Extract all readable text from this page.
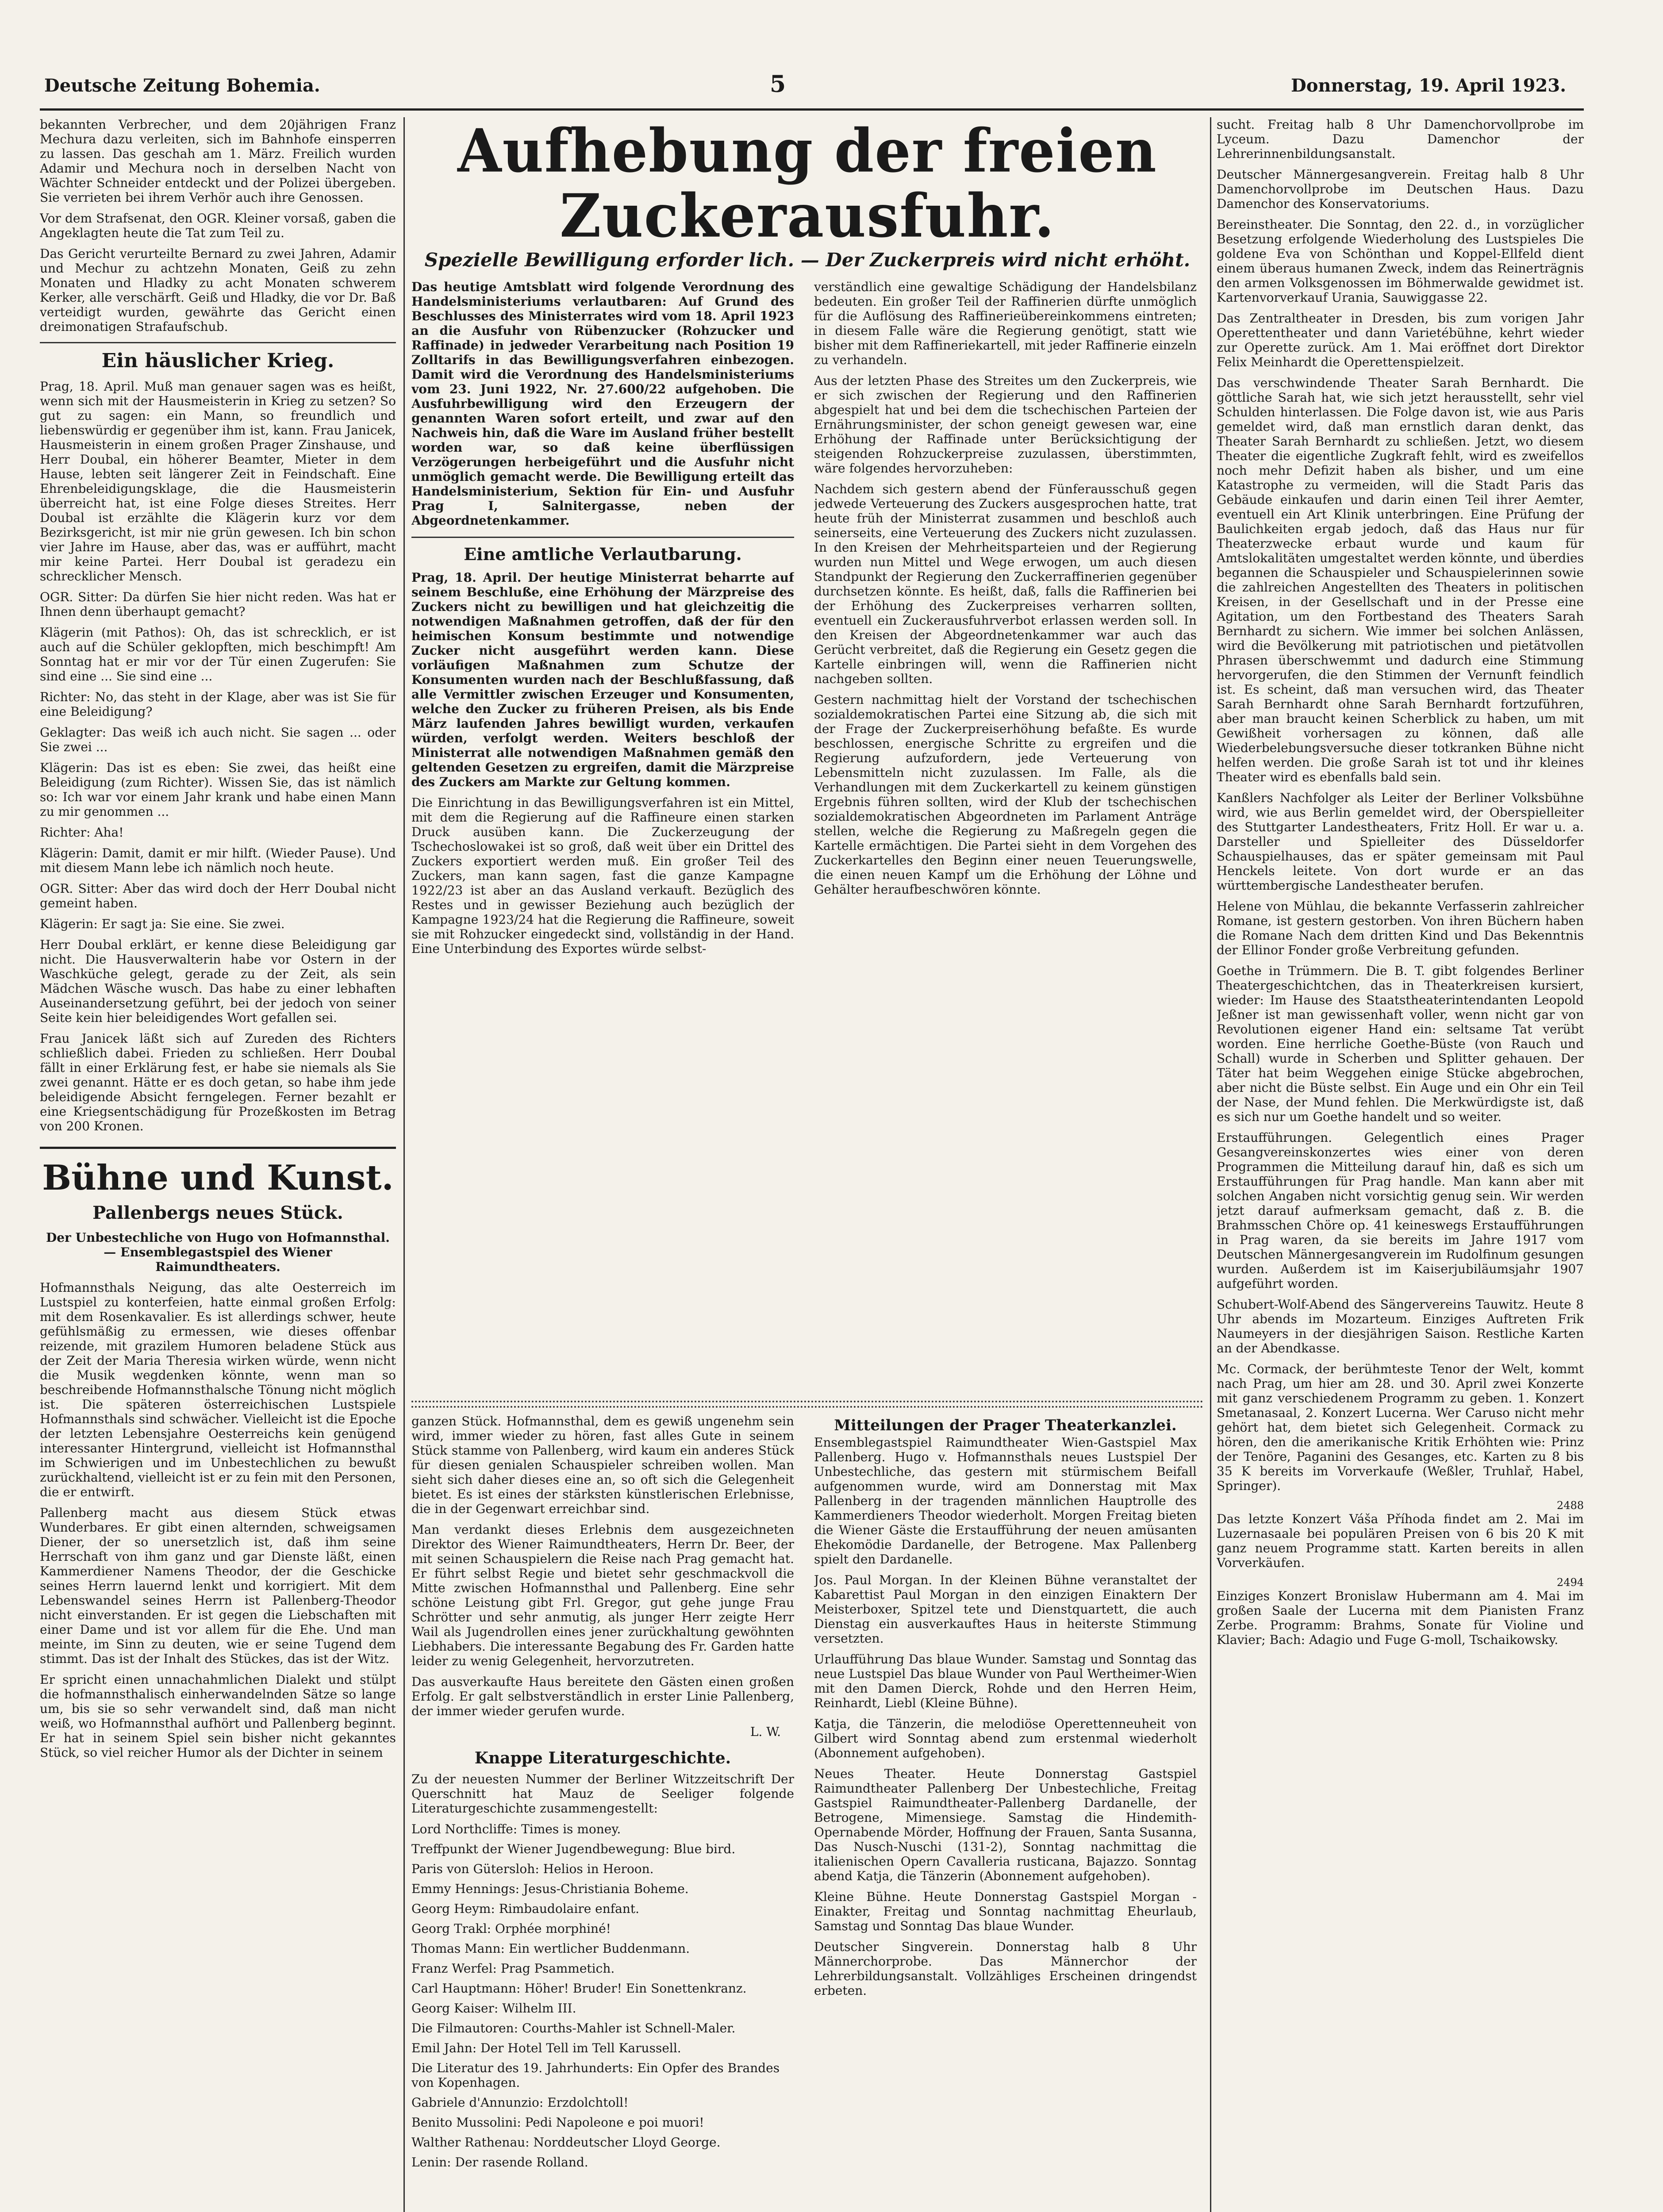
Deutsche Zeitung Bohemia.	5	Donnerstag, 19. April 1923.

bekannten Verbrecher, und dem 20jährigen Franz Mechura dazu verleiten, sich im Bahnhofe einsperren zu lassen. Das geschah am 1. März. Freilich wurden Adamir und Mechura noch in derselben Nacht von Wächter Schneider entdeckt und der Polizei übergeben. Sie verrieten bei ihrem Verhör auch ihre Genossen.

Vor dem Strafsenat, den OGR. Kleiner vorsaß, gaben die Angeklagten heute die Tat zum Teil zu.

Das Gericht verurteilte Bernard zu zwei Jahren, Adamir und Mechur zu achtzehn Monaten, Geiß zu zehn Monaten und Hladky zu acht Monaten schwerem Kerker, alle verschärft. Geiß und Hladky, die vor Dr. Baß verteidigt wurden, gewährte das Gericht einen dreimonatigen Strafaufschub.

Ein häuslicher Krieg.

Prag, 18. April. Muß man genauer sagen was es heißt, wenn sich mit der Hausmeisterin in Krieg zu setzen? So gut zu sagen: ein Mann, so freundlich und liebenswürdig er gegenüber ihm ist, kann. Frau Janicek, Hausmeisterin in einem großen Prager Zinshause, und Herr Doubal, ein höherer Beamter, Mieter in dem Hause, lebten seit längerer Zeit in Feindschaft. Eine Ehrenbeleidigungsklage, die die Hausmeisterin überreicht hat, ist eine Folge dieses Streites. Herr Doubal ist erzählte die Klägerin kurz vor dem Bezirksgericht, ist mir nie grün gewesen. Ich bin schon vier Jahre im Hause, aber das, was er aufführt, macht mir keine Partei. Herr Doubal ist geradezu ein schrecklicher Mensch.

OGR. Sitter: Da dürfen Sie hier nicht reden. Was hat er Ihnen denn überhaupt gemacht?

Klägerin (mit Pathos): Oh, das ist schrecklich, er ist auch auf die Schüler geklopften, mich beschimpft! Am Sonntag hat er mir vor der Tür einen Zugerufen: Sie sind eine ... Sie sind eine ...

Richter: No, das steht in der Klage, aber was ist Sie für eine Beleidigung?

Geklagter: Das weiß ich auch nicht. Sie sagen ... oder Sie zwei ...

Klägerin: Das ist es eben: Sie zwei, das heißt eine Beleidigung (zum Richter). Wissen Sie, das ist nämlich so: Ich war vor einem Jahr krank und habe einen Mann zu mir genommen ...

Richter: Aha!

Klägerin: Damit, damit er mir hilft. (Wieder Pause). Und mit diesem Mann lebe ich nämlich noch heute.

OGR. Sitter: Aber das wird doch der Herr Doubal nicht gemeint haben.

Klägerin: Er sagt ja: Sie eine. Sie zwei.

Herr Doubal erklärt, er kenne diese Beleidigung gar nicht. Die Hausverwalterin habe vor Ostern in der Waschküche gelegt, gerade zu der Zeit, als sein Mädchen Wäsche wusch. Das habe zu einer lebhaften Auseinandersetzung geführt, bei der jedoch von seiner Seite kein hier beleidigendes Wort gefallen sei.

Frau Janicek läßt sich auf Zureden des Richters schließlich dabei. Frieden zu schließen. Herr Doubal fällt in einer Erklärung fest, er habe sie niemals als Sie zwei genannt. Hätte er es doch getan, so habe ihm jede beleidigende Absicht ferngelegen. Ferner bezahlt er eine Kriegsentschädigung für Prozeßkosten im Betrag von 200 Kronen.

Bühne und Kunst.
Pallenbergs neues Stück.

Der Unbestechliche von Hugo von Hofmannsthal. — Ensemblegastspiel des Wiener Raimundtheaters.

Hofmannsthals Neigung, das alte Oesterreich im Lustspiel zu konterfeien, hatte einmal großen Erfolg: mit dem Rosenkavalier. Es ist allerdings schwer, heute gefühlsmäßig zu ermessen, wie dieses offenbar reizende, mit grazilem Humoren beladene Stück aus der Zeit der Maria Theresia wirken würde, wenn nicht die Musik wegdenken könnte, wenn man so beschreibende Hofmannsthalsche Tönung nicht möglich ist. Die späteren österreichischen Lustspiele Hofmannsthals sind schwächer. Vielleicht ist die Epoche der letzten Lebensjahre Oesterreichs kein genügend interessanter Hintergrund, vielleicht ist Hofmannsthal im Schwierigen und im Unbestechlichen zu bewußt zurückhaltend, vielleicht ist er zu fein mit den Personen, die er entwirft.

Pallenberg macht aus diesem Stück etwas Wunderbares. Er gibt einen alternden, schweigsamen Diener, der so unersetzlich ist, daß ihm seine Herrschaft von ihm ganz und gar Dienste läßt, einen Kammerdiener Namens Theodor, der die Geschicke seines Herrn lauernd lenkt und korrigiert. Mit dem Lebenswandel seines Herrn ist Pallenberg-Theodor nicht einverstanden. Er ist gegen die Liebschaften mit einer Dame und ist vor allem für die Ehe. Und man meinte, im Sinn zu deuten, wie er seine Tugend dem stimmt. Das ist der Inhalt des Stückes, das ist der Witz.

Er spricht einen unnachahmlichen Dialekt und stülpt die hofmannsthalisch einherwandelnden Sätze so lange um, bis sie so sehr verwandelt sind, daß man nicht weiß, wo Hofmannsthal aufhört und Pallenberg beginnt. Er hat in seinem Spiel sein bisher nicht gekanntes Stück, so viel reicher Humor als der Dichter in seinem

Aufhebung der freien Zuckerausfuhr.
Spezielle Bewilligung erforder lich. — Der Zuckerpreis wird nicht erhöht.

Das heutige Amtsblatt wird folgende Verordnung des Handelsministeriums verlautbaren: Auf Grund des Beschlusses des Ministerrates wird vom 18. April 1923 an die Ausfuhr von Rübenzucker (Rohzucker und Raffinade) in jedweder Verarbeitung nach Position 19 Zolltarifs in das Bewilligungsverfahren einbezogen. Damit wird die Verordnung des Handelsministeriums vom 23. Juni 1922, Nr. 27.600/22 aufgehoben. Die Ausfuhrbewilligung wird den Erzeugern der genannten Waren sofort erteilt, und zwar auf den Nachweis hin, daß die Ware im Ausland früher bestellt worden war, so daß keine überflüssigen Verzögerungen herbeigeführt und die Ausfuhr nicht unmöglich gemacht werde. Die Bewilligung erteilt das Handelsministerium, Sektion für Ein- und Ausfuhr Prag I, Salnitergasse, neben der Abgeordnetenkammer.

Eine amtliche Verlautbarung.

Prag, 18. April. Der heutige Ministerrat beharrte auf seinem Beschluße, eine Erhöhung der Märzpreise des Zuckers nicht zu bewilligen und hat gleichzeitig die notwendigen Maßnahmen getroffen, daß der für den heimischen Konsum bestimmte und notwendige Zucker nicht ausgeführt werden kann. Diese vorläufigen Maßnahmen zum Schutze der Konsumenten wurden nach der Beschlußfassung, daß alle Vermittler zwischen Erzeuger und Konsumenten, welche den Zucker zu früheren Preisen, als bis Ende März laufenden Jahres bewilligt wurden, verkaufen würden, verfolgt werden. Weiters beschloß der Ministerrat alle notwendigen Maßnahmen gemäß den geltenden Gesetzen zu ergreifen, damit die Märzpreise des Zuckers am Markte zur Geltung kommen.

Die Einrichtung in das Bewilligungsverfahren ist ein Mittel, mit dem die Regierung auf die Raffineure einen starken Druck ausüben kann. Die Zuckerzeugung der Tschechoslowakei ist so groß, daß weit über ein Drittel des Zuckers exportiert werden muß. Ein großer Teil des Zuckers, man kann sagen, fast die ganze Kampagne 1922/23 ist aber an das Ausland verkauft. Bezüglich des Restes und in gewisser Beziehung auch bezüglich der Kampagne 1923/24 hat die Regierung die Raffineure, soweit sie mit Rohzucker eingedeckt sind, vollständig in der Hand. Eine Unterbindung des Exportes würde selbst-

verständlich eine gewaltige Schädigung der Handelsbilanz bedeuten. Ein großer Teil der Raffinerien dürfte unmöglich für die Auflösung des Raffinerieübereinkommens eintreten; in diesem Falle wäre die Regierung genötigt, statt wie bisher mit dem Raffineriekartell, mit jeder Raffinerie einzeln zu verhandeln.

Aus der letzten Phase des Streites um den Zuckerpreis, wie er sich zwischen der Regierung und den Raffinerien abgespielt hat und bei dem die tschechischen Parteien der Ernährungsminister, der schon geneigt gewesen war, eine Erhöhung der Raffinade unter Berücksichtigung der steigenden Rohzuckerpreise zuzulassen, überstimmten, wäre folgendes hervorzuheben:

Nachdem sich gestern abend der Fünferausschuß gegen jedwede Verteuerung des Zuckers ausgesprochen hatte, trat heute früh der Ministerrat zusammen und beschloß auch seinerseits, eine Verteuerung des Zuckers nicht zuzulassen. In den Kreisen der Mehrheitsparteien und der Regierung wurden nun Mittel und Wege erwogen, um auch diesen Standpunkt der Regierung den Zuckerraffinerien gegenüber durchsetzen könnte. Es heißt, daß, falls die Raffinerien bei der Erhöhung des Zuckerpreises verharren sollten, eventuell ein Zuckerausfuhrverbot erlassen werden soll. In den Kreisen der Abgeordnetenkammer war auch das Gerücht verbreitet, daß die Regierung ein Gesetz gegen die Kartelle einbringen will, wenn die Raffinerien nicht nachgeben sollten.

Gestern nachmittag hielt der Vorstand der tschechischen sozialdemokratischen Partei eine Sitzung ab, die sich mit der Frage der Zuckerpreiserhöhung befaßte. Es wurde beschlossen, energische Schritte zu ergreifen und die Regierung aufzufordern, jede Verteuerung von Lebensmitteln nicht zuzulassen. Im Falle, als die Verhandlungen mit dem Zuckerkartell zu keinem günstigen Ergebnis führen sollten, wird der Klub der tschechischen sozialdemokratischen Abgeordneten im Parlament Anträge stellen, welche die Regierung zu Maßregeln gegen die Kartelle ermächtigen. Die Partei sieht in dem Vorgehen des Zuckerkartelles den Beginn einer neuen Teuerungswelle, die einen neuen Kampf um die Erhöhung der Löhne und Gehälter heraufbeschwören könnte.

ganzen Stück. Hofmannsthal, dem es gewiß ungenehm sein wird, immer wieder zu hören, fast alles Gute in seinem Stück stamme von Pallenberg, wird kaum ein anderes Stück für diesen genialen Schauspieler schreiben wollen. Man sieht sich daher dieses eine an, so oft sich die Gelegenheit bietet. Es ist eines der stärksten künstlerischen Erlebnisse, die in der Gegenwart erreichbar sind.

Man verdankt dieses Erlebnis dem ausgezeichneten Direktor des Wiener Raimundtheaters, Herrn Dr. Beer, der mit seinen Schauspielern die Reise nach Prag gemacht hat. Er führt selbst Regie und bietet sehr geschmackvoll die Mitte zwischen Hofmannsthal und Pallenberg. Eine sehr schöne Leistung gibt Frl. Gregor, gut gehe junge Frau Schrötter und sehr anmutig, als junger Herr zeigte Herr Wail als Jugendrollen eines jener zurückhaltung gewöhnten Liebhabers. Die interessante Begabung des Fr. Garden hatte leider zu wenig Gelegenheit, hervorzutreten.

Das ausverkaufte Haus bereitete den Gästen einen großen Erfolg. Er galt selbstverständlich in erster Linie Pallenberg, der immer wieder gerufen wurde.

L. W.
Knappe Literaturgeschichte.

Zu der neuesten Nummer der Berliner Witzzeitschrift Der Querschnitt hat Mauz de Seeliger folgende Literaturgeschichte zusammengestellt:

Lord Northcliffe: Times is money.

Treffpunkt der Wiener Jugendbewegung: Blue bird.

Paris von Gütersloh: Helios in Heroon.

Emmy Hennings: Jesus-Christiania Boheme.

Georg Heym: Rimbaudolaire enfant.

Georg Trakl: Orphée morphiné!

Thomas Mann: Ein wertlicher Buddenmann.

Franz Werfel: Prag Psammetich.

Carl Hauptmann: Höher! Bruder! Ein Sonettenkranz.

Georg Kaiser: Wilhelm III.

Die Filmautoren: Courths-Mahler ist Schnell-Maler.

Emil Jahn: Der Hotel Tell im Tell Karussell.

Die Literatur des 19. Jahrhunderts: Ein Opfer des Brandes von Kopenhagen.

Gabriele d'Annunzio: Erzdolchtoll!

Benito Mussolini: Pedi Napoleone e poi muori!

Walther Rathenau: Norddeutscher Lloyd George.

Lenin: Der rasende Rolland.

Mitteilungen der Prager Theaterkanzlei.

Ensemblegastspiel Raimundtheater Wien-Gastspiel Max Pallenberg. Hugo v. Hofmannsthals neues Lustspiel Der Unbestechliche, das gestern mit stürmischem Beifall aufgenommen wurde, wird am Donnerstag mit Max Pallenberg in der tragenden männlichen Hauptrolle des Kammerdieners Theodor wiederholt. Morgen Freitag bieten die Wiener Gäste die Erstaufführung der neuen amüsanten Ehekomödie Dardanelle, der Betrogene. Max Pallenberg spielt den Dardanelle.

Jos. Paul Morgan. In der Kleinen Bühne veranstaltet der Kabarettist Paul Morgan in den einzigen Einaktern Der Meisterboxer, Spitzel tete und Dienstquartett, die auch Dienstag ein ausverkauftes Haus in heiterste Stimmung versetzten.

Urlaufführung Das blaue Wunder. Samstag und Sonntag das neue Lustspiel Das blaue Wunder von Paul Wertheimer-Wien mit den Damen Dierck, Rohde und den Herren Heim, Reinhardt, Liebl (Kleine Bühne).

Katja, die Tänzerin, die melodiöse Operettenneuheit von Gilbert wird Sonntag abend zum erstenmal wiederholt (Abonnement aufgehoben).

Neues Theater. Heute Donnerstag Gastspiel Raimundtheater Pallenberg Der Unbestechliche, Freitag Gastspiel Raimundtheater-Pallenberg Dardanelle, der Betrogene, Mimensiege. Samstag die Hindemith-Opernabende Mörder, Hoffnung der Frauen, Santa Susanna, Das Nusch-Nuschi (131-2), Sonntag nachmittag die italienischen Opern Cavalleria rusticana, Bajazzo. Sonntag abend Katja, die Tänzerin (Abonnement aufgehoben).

Kleine Bühne. Heute Donnerstag Gastspiel Morgan - Einakter, Freitag und Sonntag nachmittag Eheurlaub, Samstag und Sonntag Das blaue Wunder.

Deutscher Singverein. Donnerstag halb 8 Uhr Männerchorprobe. Das Männerchor der Lehrerbildungsanstalt. Vollzähliges Erscheinen dringendst erbeten.

sucht. Freitag halb 8 Uhr Damenchorvollprobe im Lyceum. Dazu Damenchor der Lehrerinnenbildungsanstalt.

Deutscher Männergesangverein. Freitag halb 8 Uhr Damenchorvollprobe im Deutschen Haus. Dazu Damenchor des Konservatoriums.

Bereinstheater. Die Sonntag, den 22. d., in vorzüglicher Besetzung erfolgende Wiederholung des Lustspieles Die goldene Eva von Schönthan und Koppel-Ellfeld dient einem überaus humanen Zweck, indem das Reinerträgnis den armen Volksgenossen im Böhmerwalde gewidmet ist. Kartenvorverkauf Urania, Sauwiggasse 22.

Das Zentraltheater in Dresden, bis zum vorigen Jahr Operettentheater und dann Varietébühne, kehrt wieder zur Operette zurück. Am 1. Mai eröffnet dort Direktor Felix Meinhardt die Operettenspielzeit.

Das verschwindende Theater Sarah Bernhardt. Die göttliche Sarah hat, wie sich jetzt herausstellt, sehr viel Schulden hinterlassen. Die Folge davon ist, wie aus Paris gemeldet wird, daß man ernstlich daran denkt, das Theater Sarah Bernhardt zu schließen. Jetzt, wo diesem Theater die eigentliche Zugkraft fehlt, wird es zweifellos noch mehr Defizit haben als bisher, und um eine Katastrophe zu vermeiden, will die Stadt Paris das Gebäude einkaufen und darin einen Teil ihrer Aemter, eventuell ein Art Klinik unterbringen. Eine Prüfung der Baulichkeiten ergab jedoch, daß das Haus nur für Theaterzwecke erbaut wurde und kaum für Amtslokalitäten umgestaltet werden könnte, und überdies begannen die Schauspieler und Schauspielerinnen sowie die zahlreichen Angestellten des Theaters in politischen Kreisen, in der Gesellschaft und in der Presse eine Agitation, um den Fortbestand des Theaters Sarah Bernhardt zu sichern. Wie immer bei solchen Anlässen, wird die Bevölkerung mit patriotischen und pietätvollen Phrasen überschwemmt und dadurch eine Stimmung hervorgerufen, die den Stimmen der Vernunft feindlich ist. Es scheint, daß man versuchen wird, das Theater Sarah Bernhardt ohne Sarah Bernhardt fortzuführen, aber man braucht keinen Scherblick zu haben, um mit Gewißheit vorhersagen zu können, daß alle Wiederbelebungsversuche dieser totkranken Bühne nicht helfen werden. Die große Sarah ist tot und ihr kleines Theater wird es ebenfalls bald sein.

Kanßlers Nachfolger als Leiter der Berliner Volksbühne wird, wie aus Berlin gemeldet wird, der Oberspielleiter des Stuttgarter Landestheaters, Fritz Holl. Er war u. a. Darsteller und Spielleiter des Düsseldorfer Schauspielhauses, das er später gemeinsam mit Paul Henckels leitete. Von dort wurde er an das württembergische Landestheater berufen.

Helene von Mühlau, die bekannte Verfasserin zahlreicher Romane, ist gestern gestorben. Von ihren Büchern haben die Romane Nach dem dritten Kind und Das Bekenntnis der Ellinor Fonder große Verbreitung gefunden.

Goethe in Trümmern. Die B. T. gibt folgendes Berliner Theatergeschichtchen, das in Theaterkreisen kursiert, wieder: Im Hause des Staatstheaterintendanten Leopold Jeßner ist man gewissenhaft voller, wenn nicht gar von Revolutionen eigener Hand ein: seltsame Tat verübt worden. Eine herrliche Goethe-Büste (von Rauch und Schall) wurde in Scherben und Splitter gehauen. Der Täter hat beim Weggehen einige Stücke abgebrochen, aber nicht die Büste selbst. Ein Auge und ein Ohr ein Teil der Nase, der Mund fehlen. Die Merkwürdigste ist, daß es sich nur um Goethe handelt und so weiter.

Erstaufführungen. Gelegentlich eines Prager Gesangvereinskonzertes wies einer von deren Programmen die Mitteilung darauf hin, daß es sich um Erstaufführungen für Prag handle. Man kann aber mit solchen Angaben nicht vorsichtig genug sein. Wir werden jetzt darauf aufmerksam gemacht, daß z. B. die Brahmsschen Chöre op. 41 keineswegs Erstaufführungen in Prag waren, da sie bereits im Jahre 1917 vom Deutschen Männergesangverein im Rudolfinum gesungen wurden. Außerdem ist im Kaiserjubiläumsjahr 1907 aufgeführt worden.

Schubert-Wolf-Abend des Sängervereins Tauwitz. Heute 8 Uhr abends im Mozarteum. Einziges Auftreten Frik Naumeyers in der diesjährigen Saison. Restliche Karten an der Abendkasse.

Mc. Cormack, der berühmteste Tenor der Welt, kommt nach Prag, um hier am 28. und 30. April zwei Konzerte mit ganz verschiedenem Programm zu geben. 1. Konzert Smetanasaal, 2. Konzert Lucerna. Wer Caruso nicht mehr gehört hat, dem bietet sich Gelegenheit. Cormack zu hören, den die amerikanische Kritik Erhöhten wie: Prinz der Tenöre, Paganini des Gesanges, etc. Karten zu 8 bis 35 K bereits im Vorverkaufe (Weßler, Truhlař, Habel, Springer).

2488

Das letzte Konzert Váša Příhoda findet am 2. Mai im Luzernasaale bei populären Preisen von 6 bis 20 K mit ganz neuem Programme statt. Karten bereits in allen Vorverkäufen.

2494

Einziges Konzert Bronislaw Hubermann am 4. Mai im großen Saale der Lucerna mit dem Pianisten Franz Zerbe. Programm: Brahms, Sonate für Violine und Klavier; Bach: Adagio und Fuge G-moll, Tschaikowsky.
